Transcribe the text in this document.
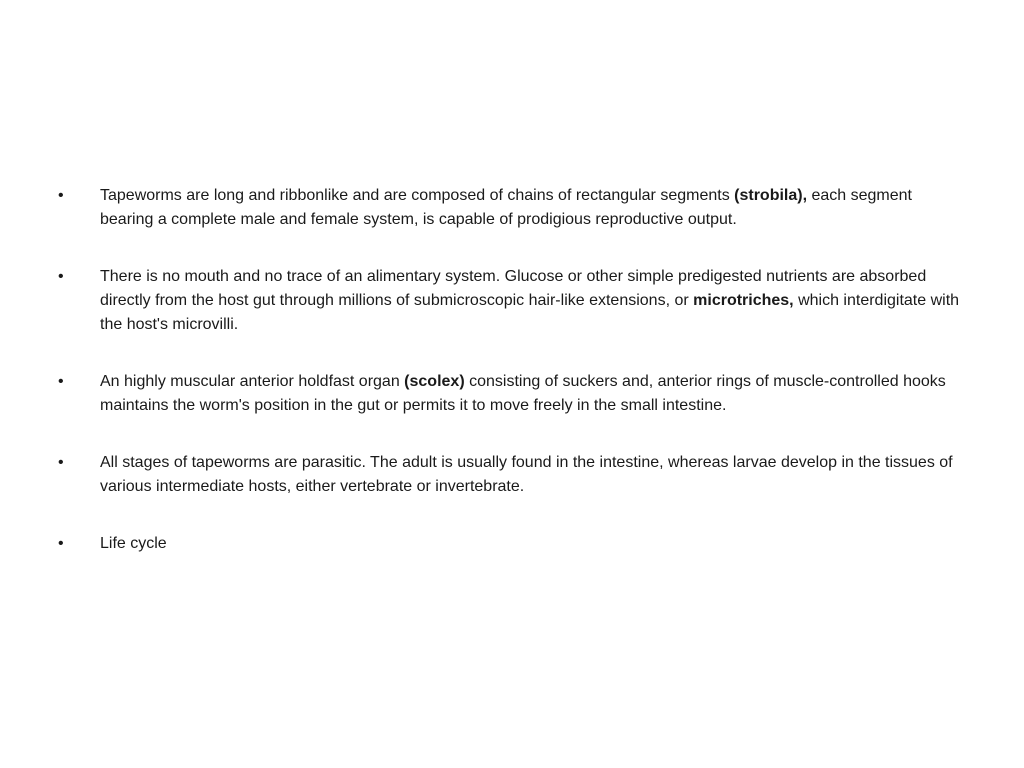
•	Tapeworms are long and ribbonlike and are composed of chains of rectangular segments (strobila), each segment bearing a complete male and female system, is capable of prodigious reproductive output.
•	There is no mouth and no trace of an alimentary system. Glucose or other simple predigested nutrients are absorbed directly from the host gut through millions of submicroscopic hair-like extensions, or microtriches, which interdigitate with the host's microvilli.
•	An highly muscular anterior holdfast organ (scolex) consisting of suckers and, anterior rings of muscle-controlled hooks maintains the worm's position in the gut or permits it to move freely in the small intestine.
•	All stages of tapeworms are parasitic. The adult is usually found in the intestine, whereas larvae develop in the tissues of various intermediate hosts, either vertebrate or invertebrate.
•	Life cycle
